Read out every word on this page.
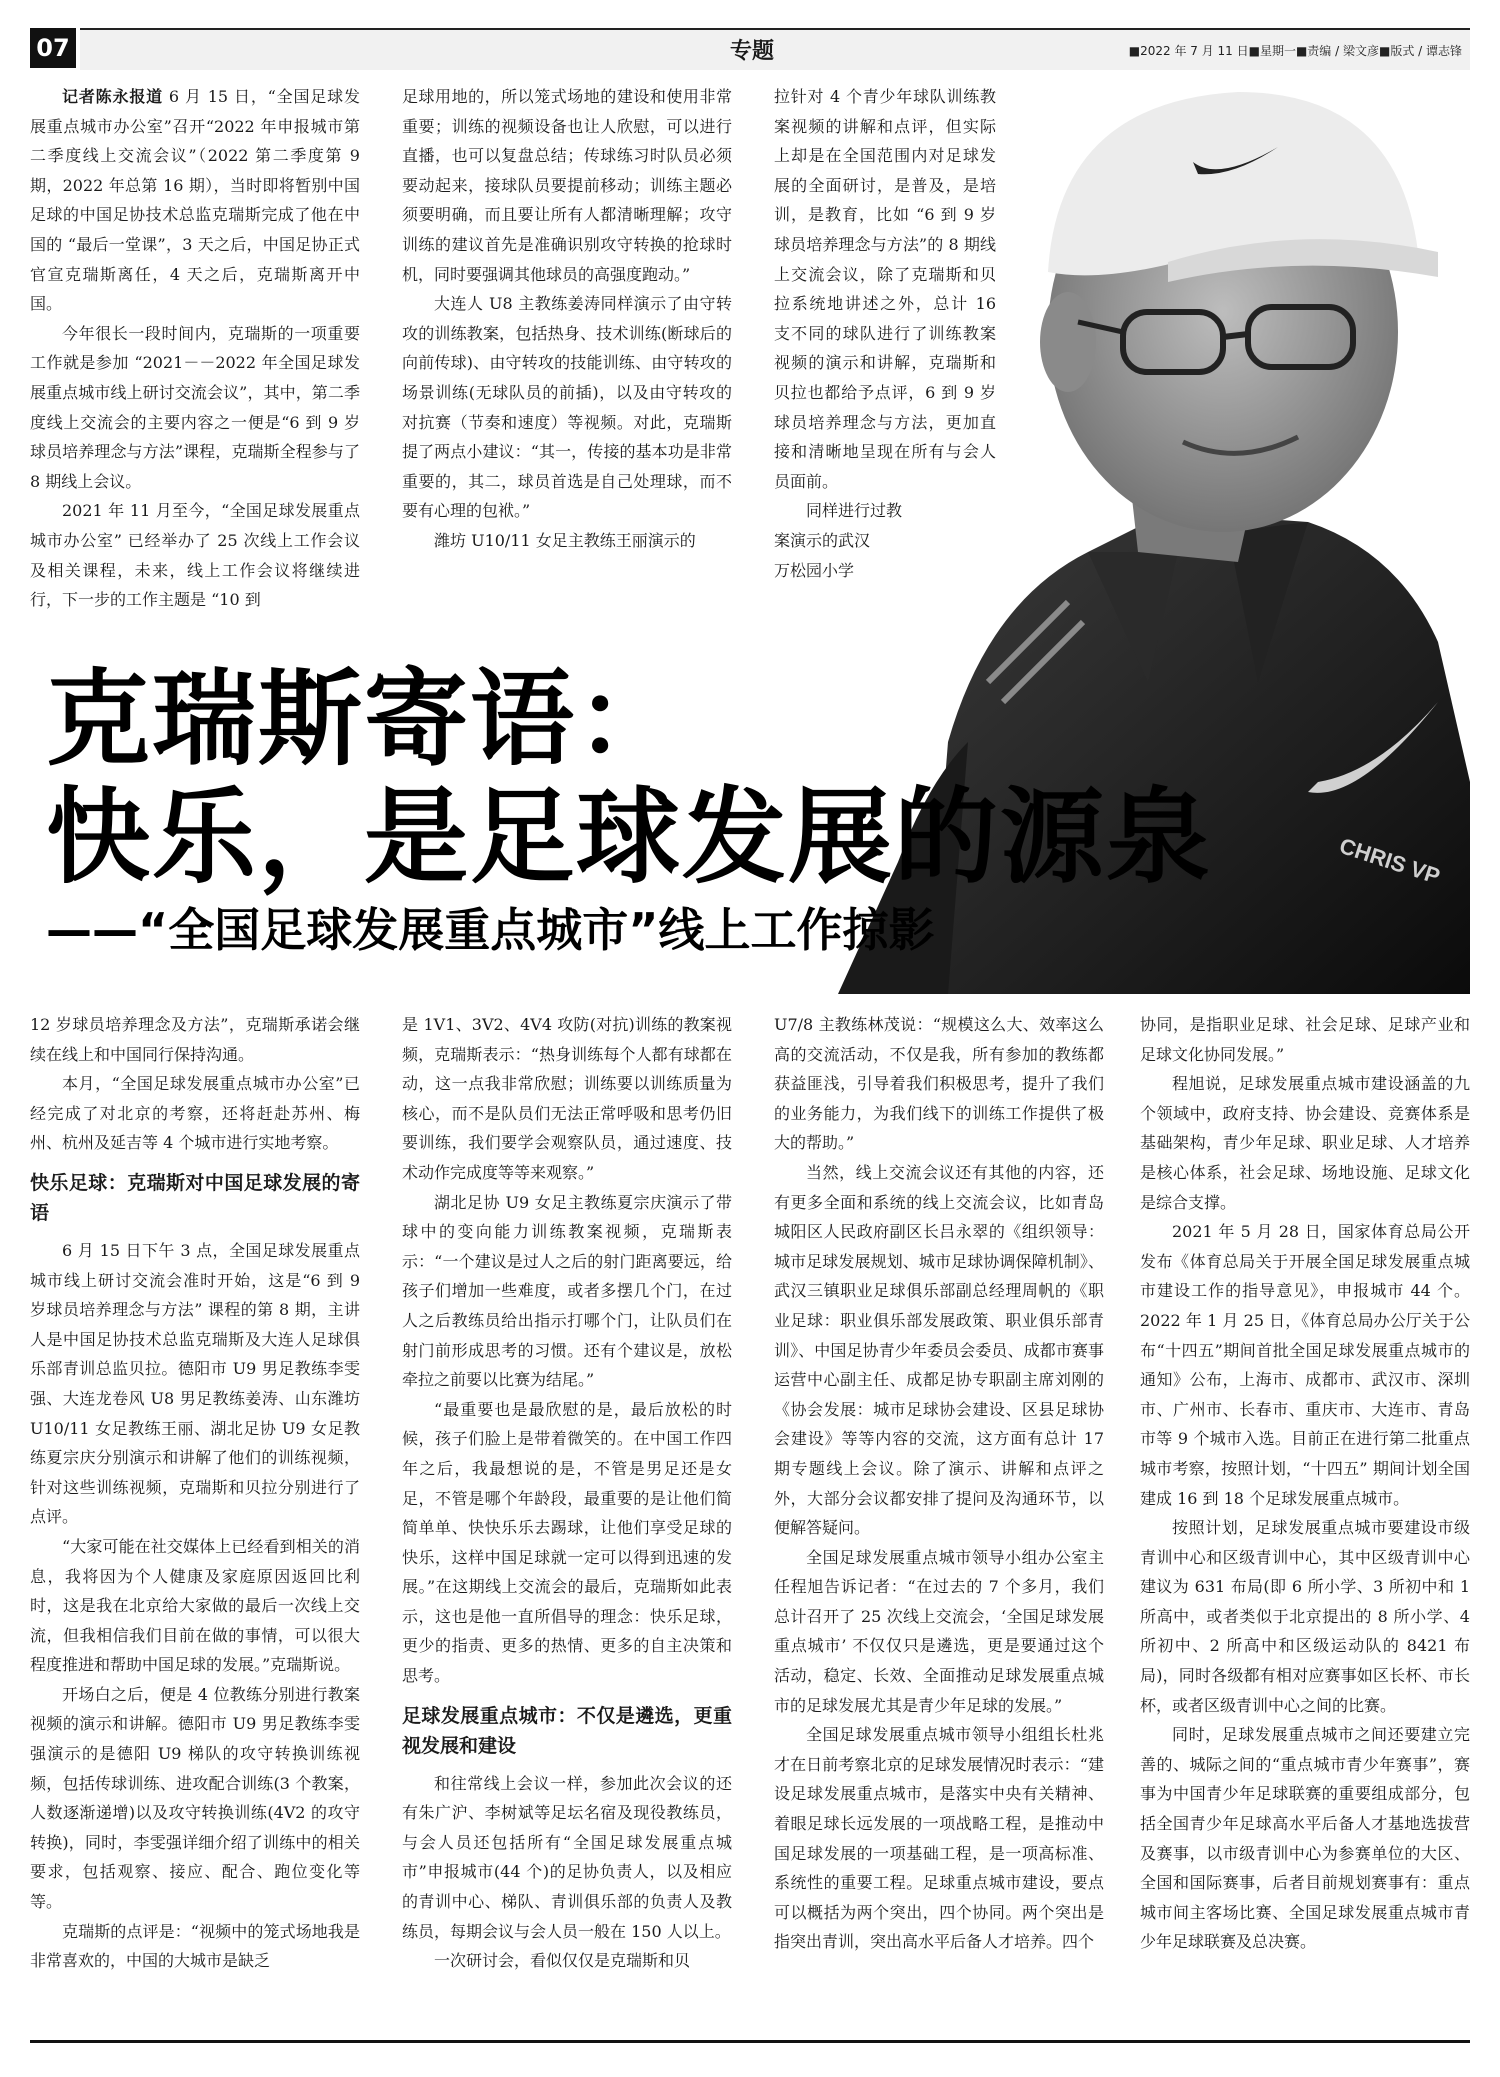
07	专题	■2022 年 7 月 11 日■星期一■责编 / 梁文彦■版式 / 谭志锋
CHRIS VP

记者陈永报道 6 月 15 日，“全国足球发展重点城市办公室”召开“2022 年申报城市第二季度线上交流会议”（2022 第二季度第 9 期，2022 年总第 16 期），当时即将暂别中国足球的中国足协技术总监克瑞斯完成了他在中国的 “最后一堂课”，3 天之后，中国足协正式官宣克瑞斯离任，4 天之后，克瑞斯离开中国。

今年很长一段时间内，克瑞斯的一项重要工作就是参加 “2021－－2022 年全国足球发展重点城市线上研讨交流会议”，其中，第二季度线上交流会的主要内容之一便是“6 到 9 岁球员培养理念与方法”课程，克瑞斯全程参与了 8 期线上会议。

2021 年 11 月至今，“全国足球发展重点城市办公室” 已经举办了 25 次线上工作会议及相关课程，未来，线上工作会议将继续进行，下一步的工作主题是 “10 到

足球用地的，所以笼式场地的建设和使用非常重要；训练的视频设备也让人欣慰，可以进行直播，也可以复盘总结；传球练习时队员必须要动起来，接球队员要提前移动；训练主题必须要明确，而且要让所有人都清晰理解；攻守训练的建议首先是准确识别攻守转换的抢球时机，同时要强调其他球员的高强度跑动。”

大连人 U8 主教练姜涛同样演示了由守转攻的训练教案，包括热身、技术训练(断球后的向前传球)、由守转攻的技能训练、由守转攻的场景训练(无球队员的前插)，以及由守转攻的对抗赛（节奏和速度）等视频。对此，克瑞斯提了两点小建议：“其一，传接的基本功是非常重要的，其二，球员首选是自己处理球，而不要有心理的包袱。”

潍坊 U10/11 女足主教练王丽演示的

拉针对 4 个青少年球队训练教案视频的讲解和点评，但实际上却是在全国范围内对足球发展的全面研讨，是普及，是培训，是教育，比如 “6 到 9 岁球员培养理念与方法”的 8 期线上交流会议，除了克瑞斯和贝拉系统地讲述之外，总计 16 支不同的球队进行了训练教案视频的演示和讲解，克瑞斯和贝拉也都给予点评，6 到 9 岁球员培养理念与方法，更加直接和清晰地呈现在所有与会人员面前。

同样进行过教

案演示的武汉

万松园小学

克瑞斯寄语：
快乐，是足球发展的源泉
——“全国足球发展重点城市”线上工作掠影

12 岁球员培养理念及方法”，克瑞斯承诺会继续在线上和中国同行保持沟通。

本月，“全国足球发展重点城市办公室”已经完成了对北京的考察，还将赶赴苏州、梅州、杭州及延吉等 4 个城市进行实地考察。

快乐足球：克瑞斯对中国足球发展的寄语

6 月 15 日下午 3 点，全国足球发展重点城市线上研讨交流会准时开始，这是“6 到 9 岁球员培养理念与方法” 课程的第 8 期，主讲人是中国足协技术总监克瑞斯及大连人足球俱乐部青训总监贝拉。德阳市 U9 男足教练李雯强、大连龙卷风 U8 男足教练姜涛、山东潍坊 U10/11 女足教练王丽、湖北足协 U9 女足教练夏宗庆分别演示和讲解了他们的训练视频，针对这些训练视频，克瑞斯和贝拉分别进行了点评。

“大家可能在社交媒体上已经看到相关的消息，我将因为个人健康及家庭原因返回比利时，这是我在北京给大家做的最后一次线上交流，但我相信我们目前在做的事情，可以很大程度推进和帮助中国足球的发展。”克瑞斯说。

开场白之后，便是 4 位教练分别进行教案视频的演示和讲解。德阳市 U9 男足教练李雯强演示的是德阳 U9 梯队的攻守转换训练视频，包括传球训练、进攻配合训练(3 个教案，人数逐渐递增)以及攻守转换训练(4V2 的攻守转换)，同时，李雯强详细介绍了训练中的相关要求，包括观察、接应、配合、跑位变化等等。

克瑞斯的点评是：“视频中的笼式场地我是非常喜欢的，中国的大城市是缺乏

是 1V1、3V2、4V4 攻防(对抗)训练的教案视频，克瑞斯表示：“热身训练每个人都有球都在动，这一点我非常欣慰；训练要以训练质量为核心，而不是队员们无法正常呼吸和思考仍旧要训练，我们要学会观察队员，通过速度、技术动作完成度等等来观察。”

湖北足协 U9 女足主教练夏宗庆演示了带球中的变向能力训练教案视频，克瑞斯表示：“一个建议是过人之后的射门距离要远，给孩子们增加一些难度，或者多摆几个门，在过人之后教练员给出指示打哪个门，让队员们在射门前形成思考的习惯。还有个建议是，放松牵拉之前要以比赛为结尾。”

“最重要也是最欣慰的是，最后放松的时候，孩子们脸上是带着微笑的。在中国工作四年之后，我最想说的是，不管是男足还是女足，不管是哪个年龄段，最重要的是让他们简简单单、快快乐乐去踢球，让他们享受足球的快乐，这样中国足球就一定可以得到迅速的发展。”在这期线上交流会的最后，克瑞斯如此表示，这也是他一直所倡导的理念：快乐足球，更少的指责、更多的热情、更多的自主决策和思考。

足球发展重点城市：不仅是遴选，更重视发展和建设

和往常线上会议一样，参加此次会议的还有朱广沪、李树斌等足坛名宿及现役教练员，与会人员还包括所有“全国足球发展重点城市”申报城市(44 个)的足协负责人，以及相应的青训中心、梯队、青训俱乐部的负责人及教练员，每期会议与会人员一般在 150 人以上。

一次研讨会，看似仅仅是克瑞斯和贝

U7/8 主教练林茂说：“规模这么大、效率这么高的交流活动，不仅是我，所有参加的教练都获益匪浅，引导着我们积极思考，提升了我们的业务能力，为我们线下的训练工作提供了极大的帮助。”

当然，线上交流会议还有其他的内容，还有更多全面和系统的线上交流会议，比如青岛城阳区人民政府副区长吕永翠的《组织领导：城市足球发展规划、城市足球协调保障机制》、武汉三镇职业足球俱乐部副总经理周帆的《职业足球：职业俱乐部发展政策、职业俱乐部青训》、中国足协青少年委员会委员、成都市赛事运营中心副主任、成都足协专职副主席刘刚的《协会发展：城市足球协会建设、区县足球协会建设》等等内容的交流，这方面有总计 17 期专题线上会议。除了演示、讲解和点评之外，大部分会议都安排了提问及沟通环节，以便解答疑问。

全国足球发展重点城市领导小组办公室主任程旭告诉记者：“在过去的 7 个多月，我们总计召开了 25 次线上交流会，‘全国足球发展重点城市’ 不仅仅只是遴选，更是要通过这个活动，稳定、长效、全面推动足球发展重点城市的足球发展尤其是青少年足球的发展。”

全国足球发展重点城市领导小组组长杜兆才在日前考察北京的足球发展情况时表示：“建设足球发展重点城市，是落实中央有关精神、着眼足球长远发展的一项战略工程，是推动中国足球发展的一项基础工程，是一项高标准、系统性的重要工程。足球重点城市建设，要点可以概括为两个突出，四个协同。两个突出是指突出青训，突出高水平后备人才培养。四个

协同，是指职业足球、社会足球、足球产业和足球文化协同发展。”

程旭说，足球发展重点城市建设涵盖的九个领域中，政府支持、协会建设、竞赛体系是基础架构，青少年足球、职业足球、人才培养是核心体系，社会足球、场地设施、足球文化是综合支撑。

2021 年 5 月 28 日，国家体育总局公开发布《体育总局关于开展全国足球发展重点城市建设工作的指导意见》，申报城市 44 个。2022 年 1 月 25 日，《体育总局办公厅关于公布“十四五”期间首批全国足球发展重点城市的通知》公布，上海市、成都市、武汉市、深圳市、广州市、长春市、重庆市、大连市、青岛市等 9 个城市入选。目前正在进行第二批重点城市考察，按照计划，“十四五” 期间计划全国建成 16 到 18 个足球发展重点城市。

按照计划，足球发展重点城市要建设市级青训中心和区级青训中心，其中区级青训中心建议为 631 布局(即 6 所小学、3 所初中和 1 所高中，或者类似于北京提出的 8 所小学、4 所初中、2 所高中和区级运动队的 8421 布局)，同时各级都有相对应赛事如区长杯、市长杯，或者区级青训中心之间的比赛。

同时，足球发展重点城市之间还要建立完善的、城际之间的“重点城市青少年赛事”，赛事为中国青少年足球联赛的重要组成部分，包括全国青少年足球高水平后备人才基地选拔营及赛事，以市级青训中心为参赛单位的大区、全国和国际赛事，后者目前规划赛事有：重点城市间主客场比赛、全国足球发展重点城市青少年足球联赛及总决赛。
